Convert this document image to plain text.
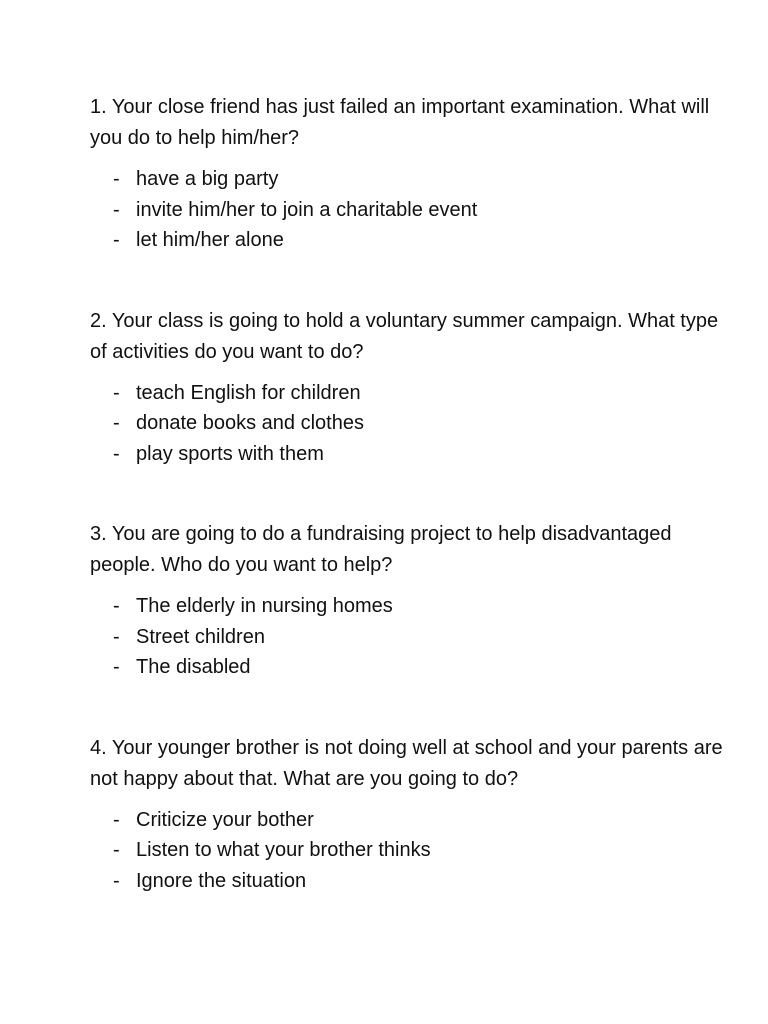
1. Your close friend has just failed an important examination. What will you do to help him/her?

- have a big party
- invite him/her to join a charitable event
- let him/her alone

2. Your class is going to hold a voluntary summer campaign. What type of activities do you want to do?

- teach English for children
- donate books and clothes
- play sports with them

3. You are going to do a fundraising project to help disadvantaged people. Who do you want to help?

- The elderly in nursing homes
- Street children
- The disabled

4. Your younger brother is not doing well at school and your parents are not happy about that. What are you going to do?

- Criticize your bother
- Listen to what your brother thinks
- Ignore the situation
